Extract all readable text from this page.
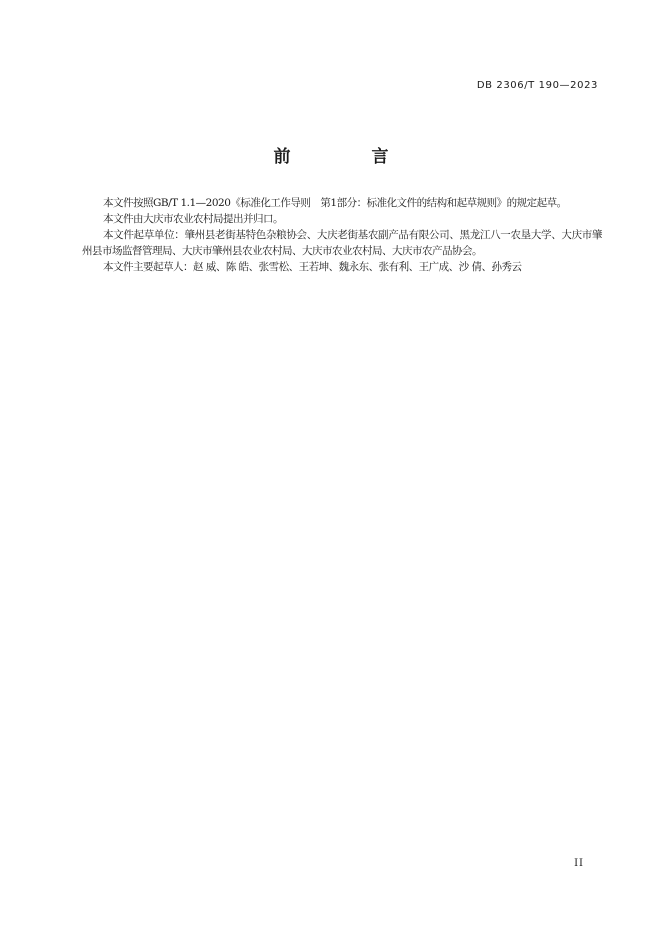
DB 2306/T 190—2023
前　言

本文件按照GB/T 1.1—2020《标准化工作导则　第1部分：标准化文件的结构和起草规则》的规定起草。

本文件由大庆市农业农村局提出并归口。

本文件起草单位：肇州县老街基特色杂粮协会、大庆老街基农副产品有限公司、黑龙江八一农垦大学、大庆市肇州县市场监督管理局、大庆市肇州县农业农村局、大庆市农业农村局、大庆市农产品协会。

本文件主要起草人：赵 威、陈 皓、张雪松、王若坤、魏永东、张有利、王广成、沙 倩、孙秀云

II
